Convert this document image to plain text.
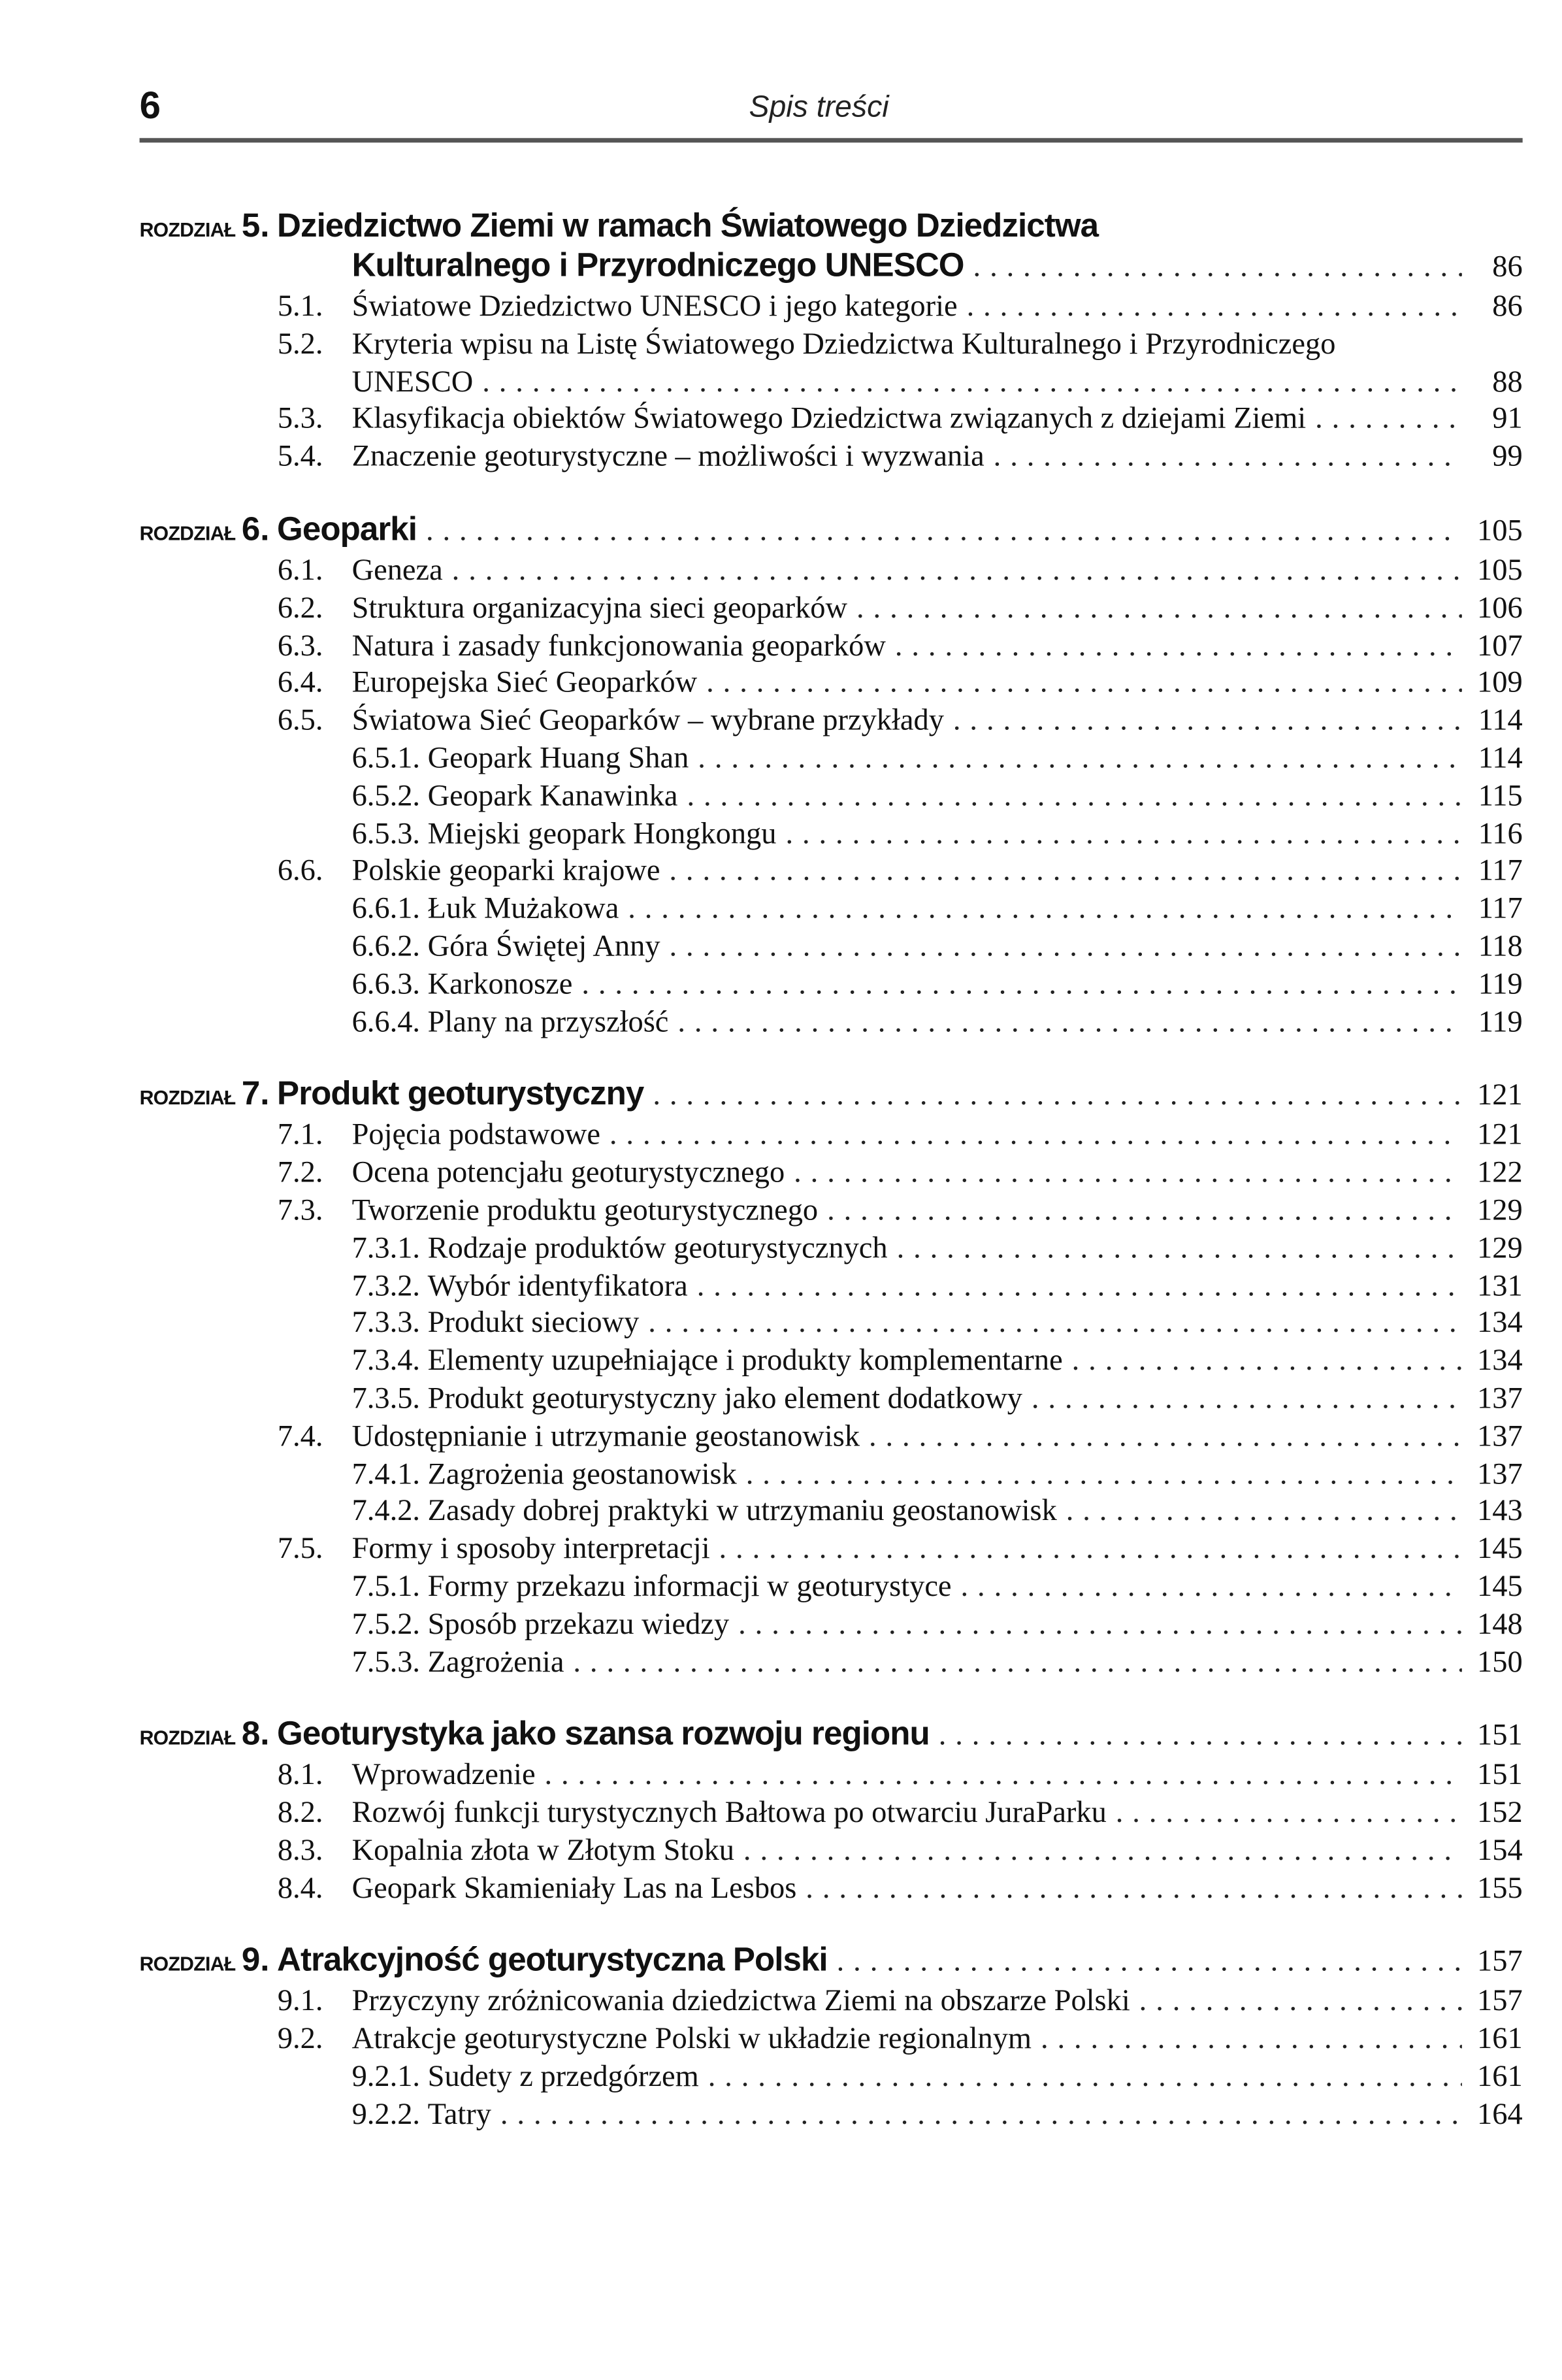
6	Spis treści
ROZDZIAŁ 5. Dziedzictwo Ziemi w ramach Światowego Dziedzictwa
Kulturalnego i Przyrodniczego UNESCO . . .	86
5.1.	Światowe Dziedzictwo UNESCO i jego kategorie . . .	86
5.2.	Kryteria wpisu na Listę Światowego Dziedzictwa Kulturalnego i Przyrodniczego
UNESCO . . .	88
5.3.	Klasyfikacja obiektów Światowego Dziedzictwa związanych z dziejami Ziemi . . .	91
5.4.	Znaczenie geoturystyczne – możliwości i wyzwania . . .	99
ROZDZIAŁ 6. Geoparki . . .	105
6.1.	Geneza . . .	105
6.2.	Struktura organizacyjna sieci geoparków . . .	106
6.3.	Natura i zasady funkcjonowania geoparków . . .	107
6.4.	Europejska Sieć Geoparków . . .	109
6.5.	Światowa Sieć Geoparków – wybrane przykłady . . .	114
6.5.1. Geopark Huang Shan . . .	114
6.5.2. Geopark Kanawinka . . .	115
6.5.3. Miejski geopark Hongkongu . . .	116
6.6.	Polskie geoparki krajowe . . .	117
6.6.1. Łuk Mużakowa . . .	117
6.6.2. Góra Świętej Anny . . .	118
6.6.3. Karkonosze . . .	119
6.6.4. Plany na przyszłość . . .	119
ROZDZIAŁ 7. Produkt geoturystyczny . . .	121
7.1.	Pojęcia podstawowe . . .	121
7.2.	Ocena potencjału geoturystycznego . . .	122
7.3.	Tworzenie produktu geoturystycznego . . .	129
7.3.1. Rodzaje produktów geoturystycznych . . .	129
7.3.2. Wybór identyfikatora . . .	131
7.3.3. Produkt sieciowy . . .	134
7.3.4. Elementy uzupełniające i produkty komplementarne . . .	134
7.3.5. Produkt geoturystyczny jako element dodatkowy . . .	137
7.4.	Udostępnianie i utrzymanie geostanowisk . . .	137
7.4.1. Zagrożenia geostanowisk . . .	137
7.4.2. Zasady dobrej praktyki w utrzymaniu geostanowisk . . .	143
7.5.	Formy i sposoby interpretacji . . .	145
7.5.1. Formy przekazu informacji w geoturystyce . . .	145
7.5.2. Sposób przekazu wiedzy . . .	148
7.5.3. Zagrożenia . . .	150
ROZDZIAŁ 8. Geoturystyka jako szansa rozwoju regionu . . .	151
8.1.	Wprowadzenie . . .	151
8.2.	Rozwój funkcji turystycznych Bałtowa po otwarciu JuraParku . . .	152
8.3.	Kopalnia złota w Złotym Stoku . . .	154
8.4.	Geopark Skamieniały Las na Lesbos . . .	155
ROZDZIAŁ 9. Atrakcyjność geoturystyczna Polski . . .	157
9.1.	Przyczyny zróżnicowania dziedzictwa Ziemi na obszarze Polski . . .	157
9.2.	Atrakcje geoturystyczne Polski w układzie regionalnym . . .	161
9.2.1. Sudety z przedgórzem . . .	161
9.2.2. Tatry . . .	164
